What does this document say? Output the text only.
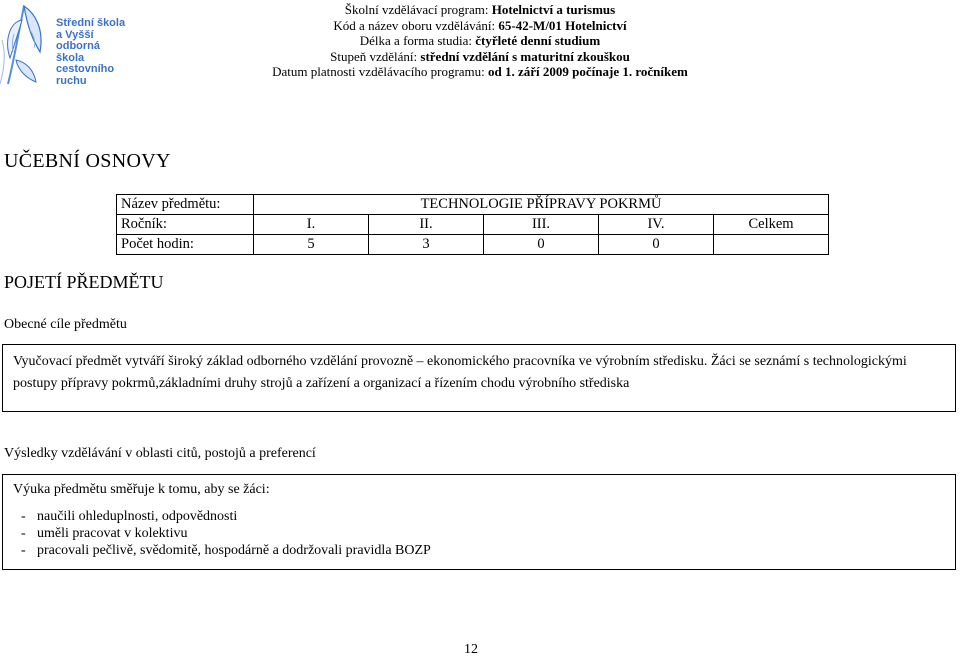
Střední škola
a Vyšší odborná
škola cestovního
ruchu
Školní vzdělávací program: Hotelnictví a turismus
Kód a název oboru vzdělávání: 65-42-M/01 Hotelnictví
Délka a forma studia: čtyřleté denní studium
Stupeň vzdělání: střední vzdělání s maturitní zkouškou
Datum platnosti vzdělávacího programu: od 1. září 2009 počínaje 1. ročníkem
UČEBNÍ OSNOVY
Název předmětu:	TECHNOLOGIE PŘÍPRAVY POKRMŮ				
Ročník:	I.	II.	III.	IV.	Celkem
Počet hodin:	5	3	0	0	
POJETÍ PŘEDMĚTU
Obecné cíle předmětu
Vyučovací předmět vytváří široký základ odborného vzdělání provozně – ekonomického pracovníka ve výrobním středisku. Žáci se seznámí s technologickými postupy přípravy pokrmů,základními druhy strojů a zařízení a organizací a řízením chodu výrobního střediska
Výsledky vzdělávání v oblasti citů, postojů a preferencí
Výuka předmětu směřuje k tomu, aby se žáci:
- naučili ohleduplnosti, odpovědnosti
- uměli pracovat v kolektivu
- pracovali pečlivě, svědomitě, hospodárně a dodržovali pravidla BOZP
12
